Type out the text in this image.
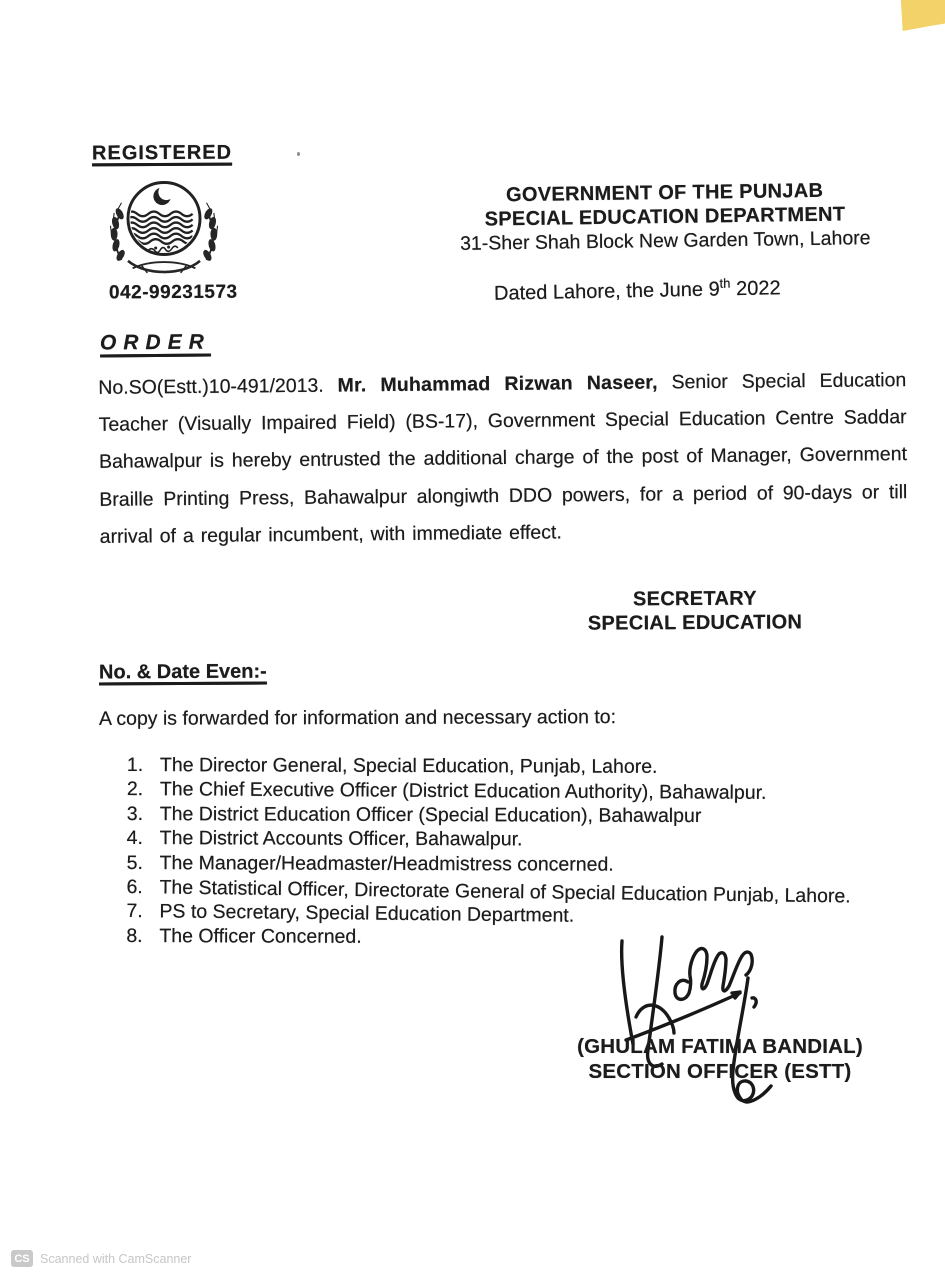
REGISTERED
042-99231573
GOVERNMENT OF THE PUNJAB
SPECIAL EDUCATION DEPARTMENT
31-Sher Shah Block New Garden Town, Lahore
Dated Lahore, the June 9th 2022
ORDER

No.SO(Estt.)10-491/2013. Mr. Muhammad Rizwan Naseer, Senior Special Education Teacher (Visually Impaired Field) (BS-17), Government Special Education Centre Saddar Bahawalpur is hereby entrusted the additional charge of the post of Manager, Government Braille Printing Press, Bahawalpur alongiwth DDO powers, for a period of 90-days or till arrival of a regular incumbent, with immediate effect.

SECRETARY
SPECIAL EDUCATION
No. & Date Even:-
A copy is forwarded for information and necessary action to:
1. The Director General, Special Education, Punjab, Lahore.
2. The Chief Executive Officer (District Education Authority), Bahawalpur.
3. The District Education Officer (Special Education), Bahawalpur
4. The District Accounts Officer, Bahawalpur.
5. The Manager/Headmaster/Headmistress concerned.
6. The Statistical Officer, Directorate General of Special Education Punjab, Lahore.
7. PS to Secretary, Special Education Department.
8. The Officer Concerned.
(GHULAM FATIMA BANDIAL)
SECTION OFFICER (ESTT)
CS Scanned with CamScanner
